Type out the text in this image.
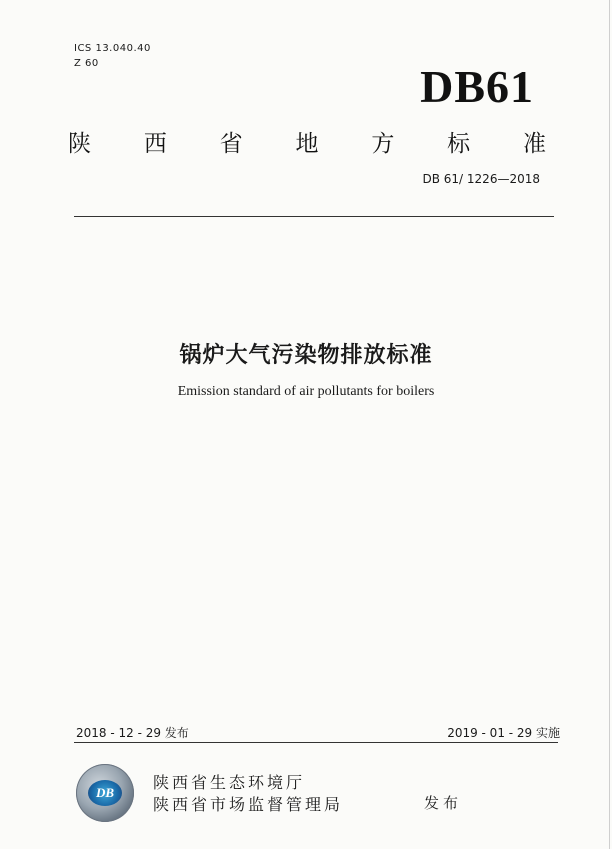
ICS 13.040.40
Z 60	DB61
陕 西 省 地 方 标 准
DB 61/ 1226—2018
锅炉大气污染物排放标准
Emission standard of air pollutants for boilers
2018 - 12 - 29 发布	2019 - 01 - 29 实施
DB
陕西省生态环境厅
陕西省市场监督管理局	发布
